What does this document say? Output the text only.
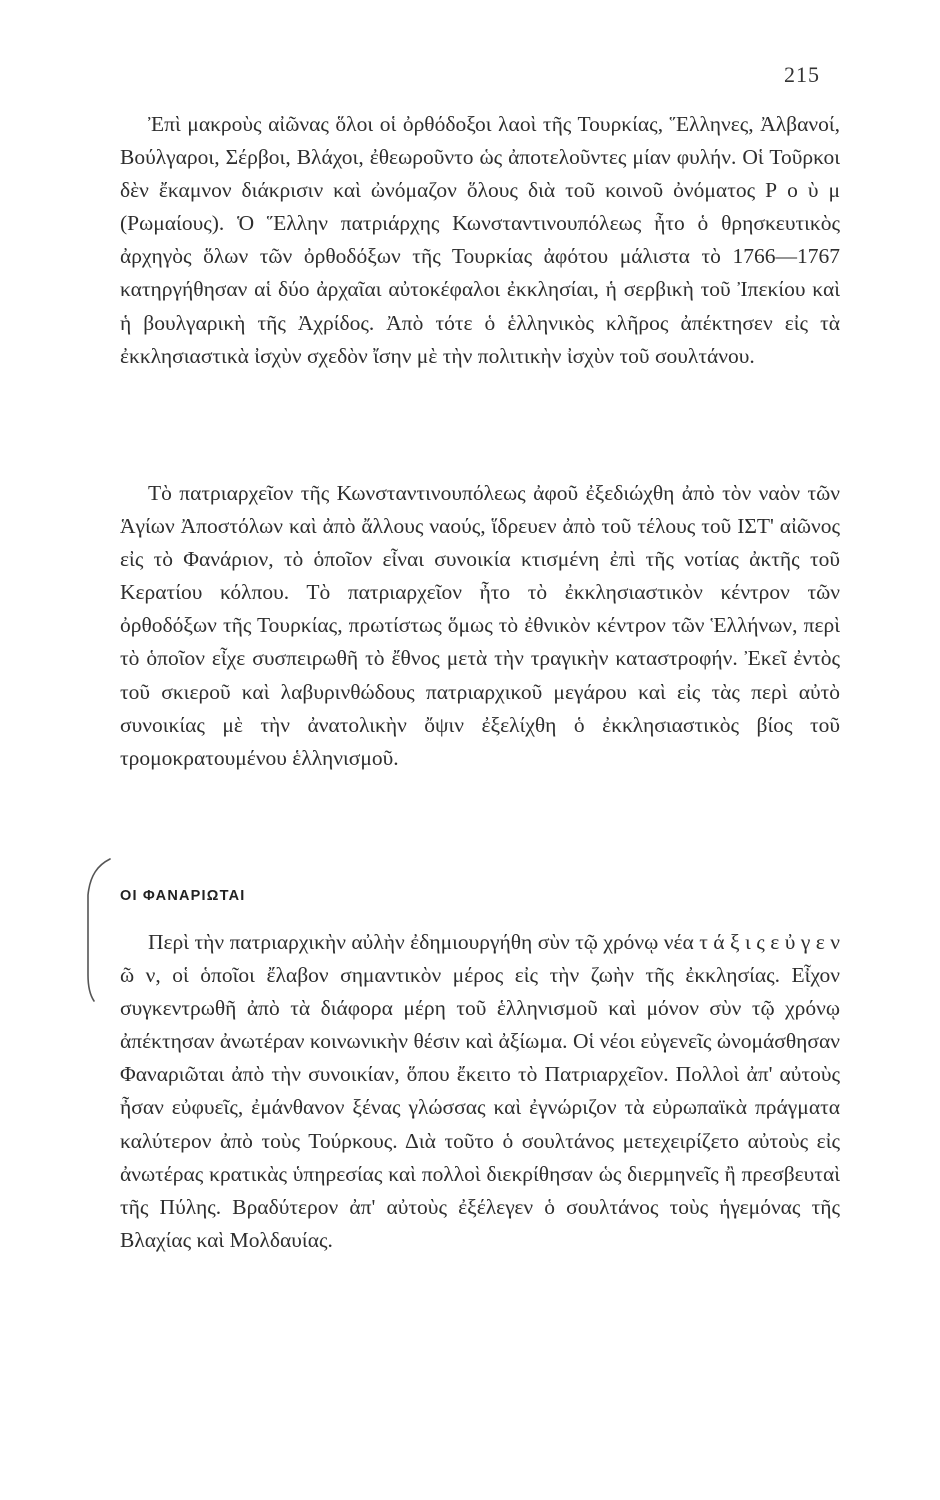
215

Ἐπὶ μακροὺς αἰῶνας ὅλοι οἱ ὀρθόδοξοι λαοὶ τῆς Τουρκίας, Ἕλληνες, Ἀλβανοί, Βούλγαροι, Σέρβοι, Βλάχοι, ἐθεωροῦντο ὡς ἀποτελοῦντες μίαν φυλήν. Οἱ Τοῦρκοι δὲν ἔκαμνον διάκρισιν καὶ ὠνόμαζον ὅλους διὰ τοῦ κοινοῦ ὀνόματος Ρ ο ὺ μ (Ρωμαίους). Ὁ Ἕλλην πατριάρχης Κωνσταντινουπόλεως ἦτο ὁ θρησκευτικὸς ἀρχηγὸς ὅλων τῶν ὀρθοδόξων τῆς Τουρκίας ἀφότου μάλιστα τὸ 1766—1767 κατηργήθησαν αἱ δύο ἀρχαῖαι αὐτοκέφαλοι ἐκκλησίαι, ἡ σερβικὴ τοῦ Ἰπεκίου καὶ ἡ βουλγαρικὴ τῆς Ἀχρίδος. Ἀπὸ τότε ὁ ἑλληνικὸς κλῆρος ἀπέκτησεν εἰς τὰ ἐκκλησιαστικὰ ἰσχὺν σχεδὸν ἴσην μὲ τὴν πολιτικὴν ἰσχὺν τοῦ σουλτάνου.

Τὸ πατριαρχεῖον τῆς Κωνσταντινουπόλεως ἀφοῦ ἐξεδιώχθη ἀπὸ τὸν ναὸν τῶν Ἁγίων Ἀποστόλων καὶ ἀπὸ ἄλλους ναούς, ἵδρευεν ἀπὸ τοῦ τέλους τοῦ ΙΣΤ' αἰῶνος εἰς τὸ Φανάριον, τὸ ὁποῖον εἶναι συνοικία κτισμένη ἐπὶ τῆς νοτίας ἀκτῆς τοῦ Κερατίου κόλπου. Τὸ πατριαρχεῖον ἦτο τὸ ἐκκλησιαστικὸν κέντρον τῶν ὀρθοδόξων τῆς Τουρκίας, πρωτίστως ὅμως τὸ ἐθνικὸν κέντρον τῶν Ἑλλήνων, περὶ τὸ ὁποῖον εἶχε συσπειρωθῆ τὸ ἔθνος μετὰ τὴν τραγικὴν καταστροφήν. Ἐκεῖ ἐντὸς τοῦ σκιεροῦ καὶ λαβυρινθώδους πατριαρχικοῦ μεγάρου καὶ εἰς τὰς περὶ αὐτὸ συνοικίας μὲ τὴν ἀνατολικὴν ὄψιν ἐξελίχθη ὁ ἐκκλησιαστικὸς βίος τοῦ τρομοκρατουμένου ἑλληνισμοῦ.

ΟΙ ΦΑΝΑΡΙΩΤΑΙ

Περὶ τὴν πατριαρχικὴν αὐλὴν ἐδημιουργήθη σὺν τῷ χρόνῳ νέα τ ά ξ ι ς ε ὐ γ ε ν ῶ ν, οἱ ὁποῖοι ἔλαβον σημαντικὸν μέρος εἰς τὴν ζωὴν τῆς ἐκκλησίας. Εἶχον συγκεντρωθῆ ἀπὸ τὰ διάφορα μέρη τοῦ ἑλληνισμοῦ καὶ μόνον σὺν τῷ χρόνῳ ἀπέκτησαν ἀνωτέραν κοινωνικὴν θέσιν καὶ ἀξίωμα. Οἱ νέοι εὐγενεῖς ὠνομάσθησαν Φαναριῶται ἀπὸ τὴν συνοικίαν, ὅπου ἔκειτο τὸ Πατριαρχεῖον. Πολλοὶ ἀπ' αὐτοὺς ἦσαν εὐφυεῖς, ἐμάνθανον ξένας γλώσσας καὶ ἐγνώριζον τὰ εὐρωπαϊκὰ πράγματα καλύτερον ἀπὸ τοὺς Τούρκους. Διὰ τοῦτο ὁ σουλτάνος μετεχειρίζετο αὐτοὺς εἰς ἀνωτέρας κρατικὰς ὑπηρεσίας καὶ πολλοὶ διεκρίθησαν ὡς διερμηνεῖς ἢ πρεσβευταὶ τῆς Πύλης. Βραδύτερον ἀπ' αὐτοὺς ἐξέλεγεν ὁ σουλτάνος τοὺς ἡγεμόνας τῆς Βλαχίας καὶ Μολδαυίας.
